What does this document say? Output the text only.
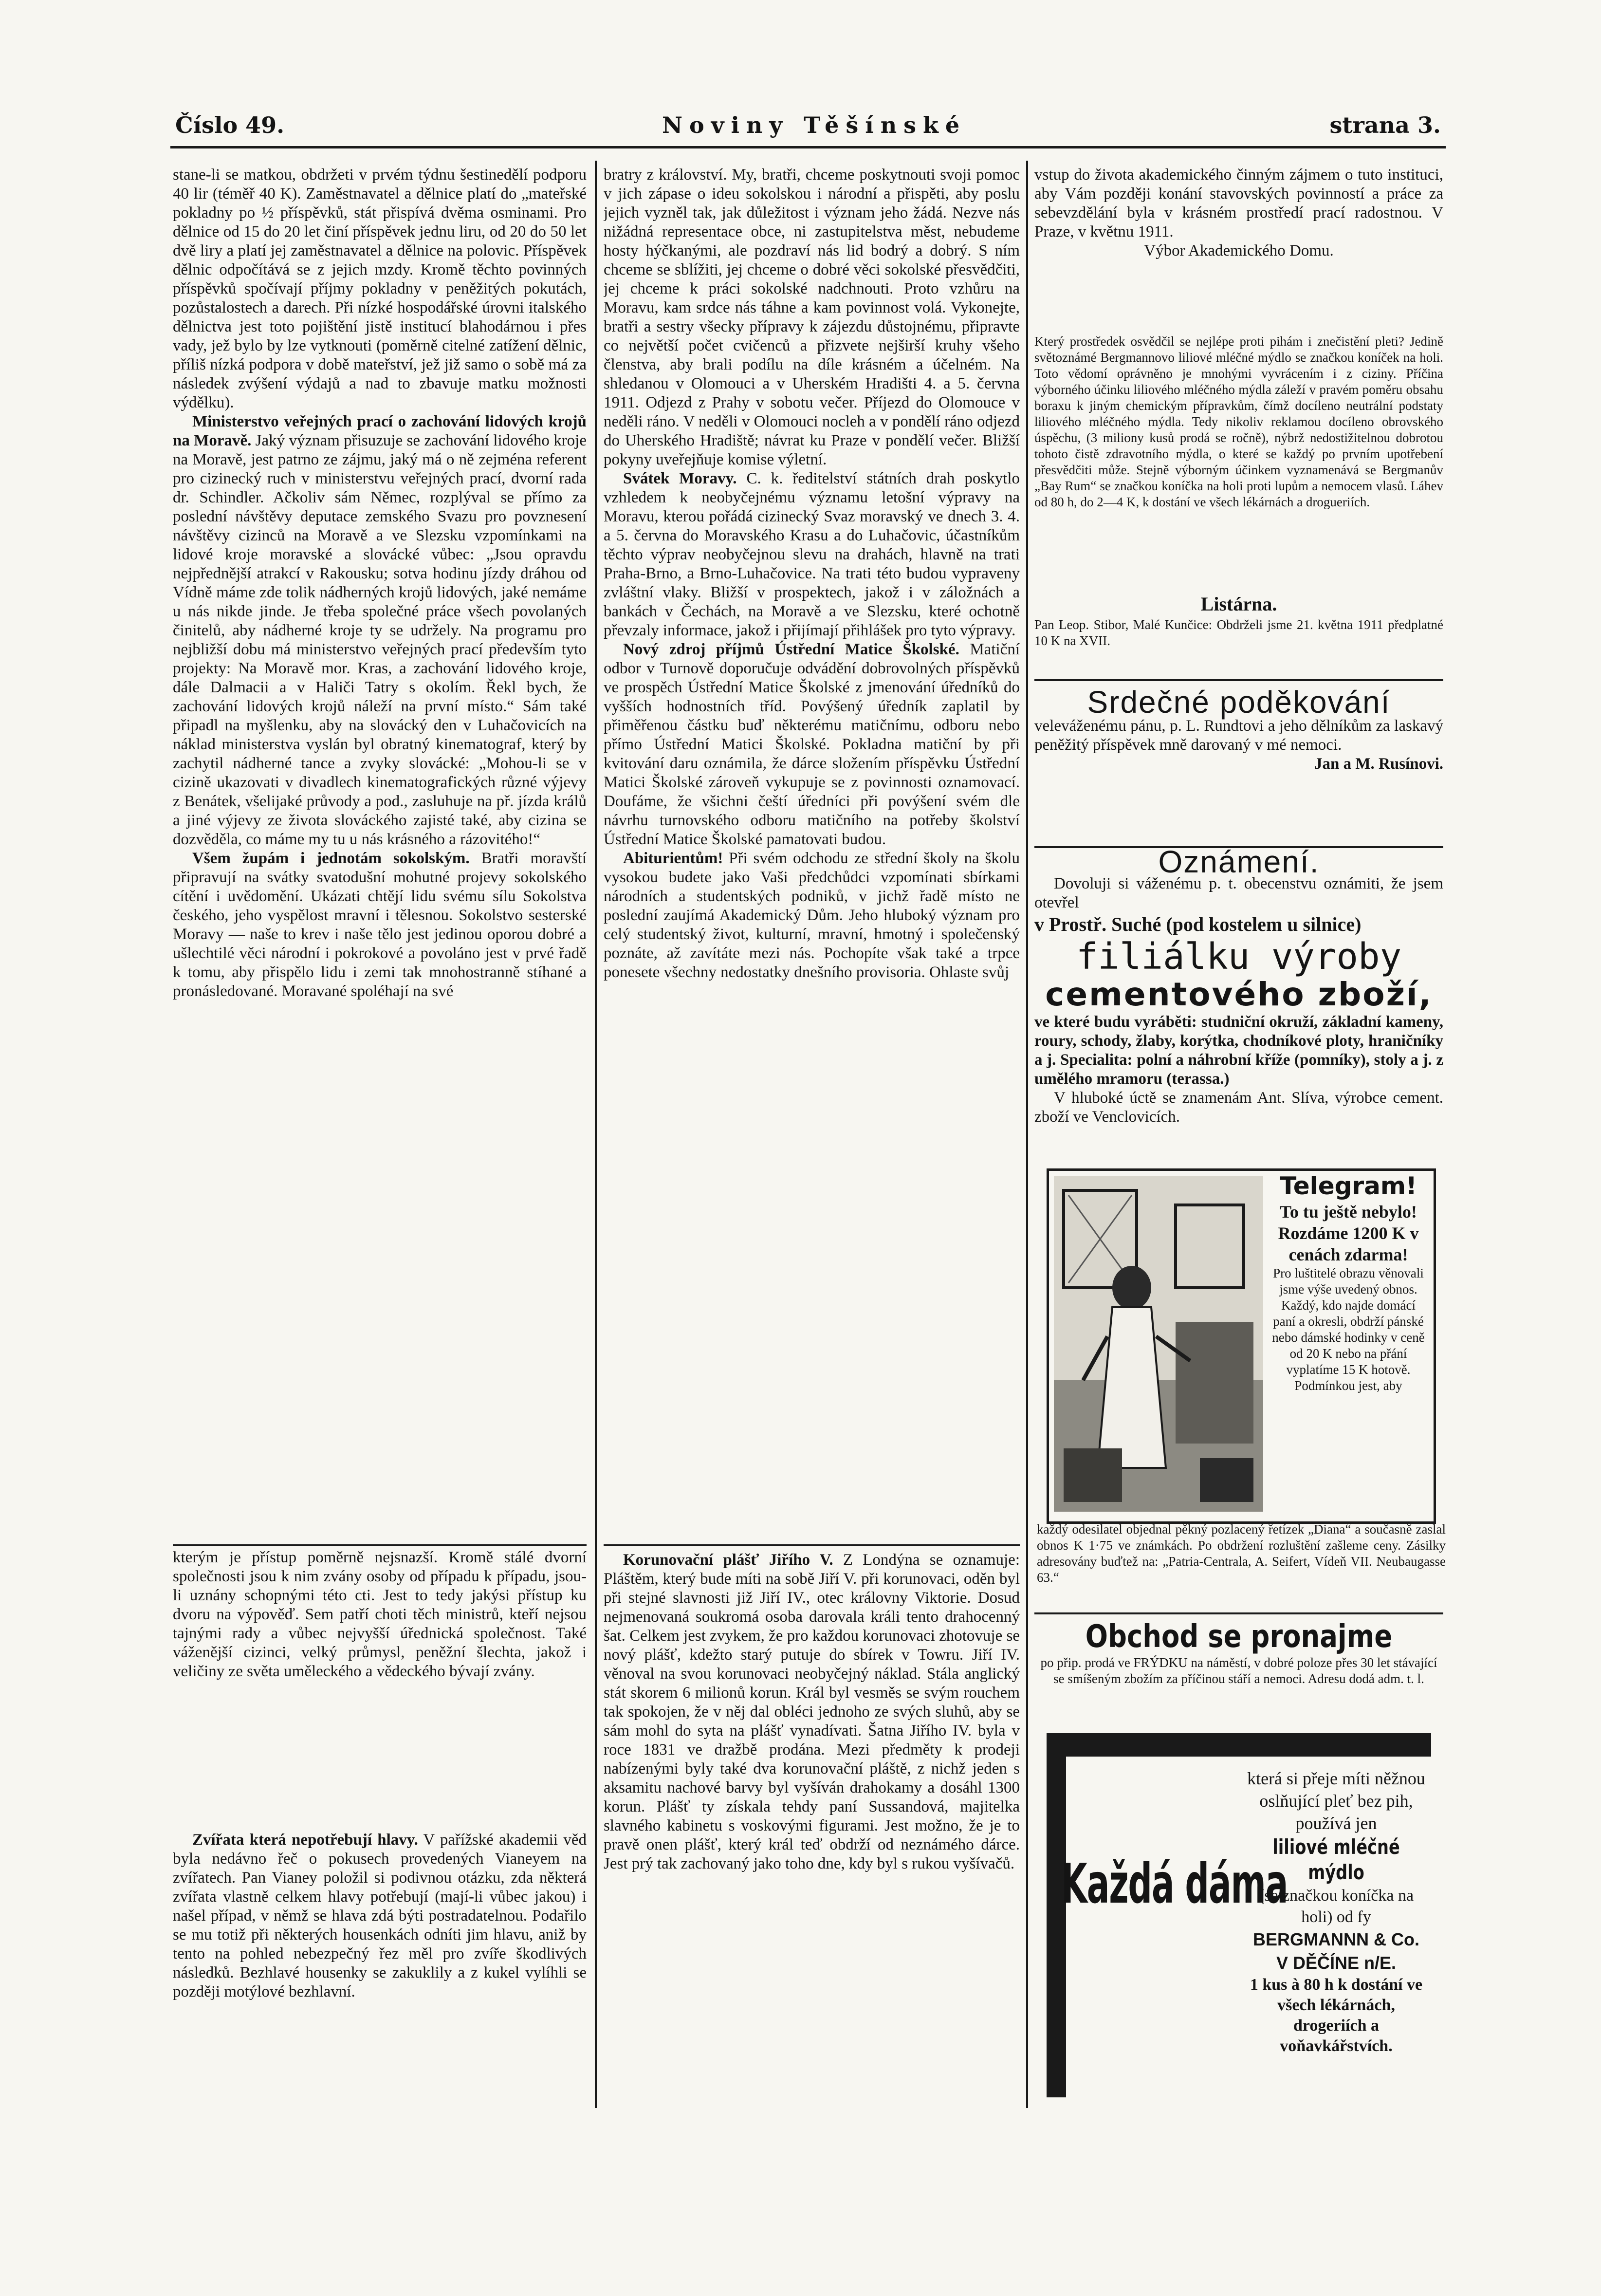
Číslo 49.	Noviny Těšínské	strana 3.

stane-li se matkou, obdržeti v prvém týdnu šestinedělí podporu 40 lir (téměř 40 K). Zaměstnavatel a dělnice platí do „mateřské pokladny po ½ příspěvků, stát přispívá dvěma osminami. Pro dělnice od 15 do 20 let činí příspěvek jednu liru, od 20 do 50 let dvě liry a platí jej zaměstnavatel a dělnice na polovic. Příspěvek dělnic odpočítává se z jejich mzdy. Kromě těchto povinných příspěvků spočívají příjmy pokladny v peněžitých pokutách, pozůstalostech a darech. Při nízké hospodářské úrovni italského dělnictva jest toto pojištění jistě institucí blahodárnou i přes vady, jež bylo by lze vytknouti (poměrně citelné zatížení dělnic, příliš nízká podpora v době mateřství, jež již samo o sobě má za následek zvýšení výdajů a nad to zbavuje matku možnosti výdělku).

Ministerstvo veřejných prací o zachování lidových krojů na Moravě. Jaký význam přisuzuje se zachování lidového kroje na Moravě, jest patrno ze zájmu, jaký má o ně zejména referent pro cizinecký ruch v ministerstvu veřejných prací, dvorní rada dr. Schindler. Ačkoliv sám Němec, rozplýval se přímo za poslední návštěvy deputace zemského Svazu pro povznesení návštěvy cizinců na Moravě a ve Slezsku vzpomínkami na lidové kroje moravské a slovácké vůbec: „Jsou opravdu nejpřednější atrakcí v Rakousku; sotva hodinu jízdy dráhou od Vídně máme zde tolik nádherných krojů lidových, jaké nemáme u nás nikde jinde. Je třeba společné práce všech povolaných činitelů, aby nádherné kroje ty se udržely. Na programu pro nejbližší dobu má ministerstvo veřejných prací především tyto projekty: Na Moravě mor. Kras, a zachování lidového kroje, dále Dalmacii a v Haliči Tatry s okolím. Řekl bych, že zachování lidových krojů náleží na první místo.“ Sám také připadl na myšlenku, aby na slovácký den v Luhačovicích na náklad ministerstva vyslán byl obratný kinematograf, který by zachytil nádherné tance a zvyky slovácké: „Mohou-li se v cizině ukazovati v divadlech kinematografických různé výjevy z Benátek, všelijaké průvody a pod., zasluhuje na př. jízda králů a jiné výjevy ze života slováckého zajisté také, aby cizina se dozvěděla, co máme my tu u nás krásného a rázovitého!“

Všem župám i jednotám sokolským. Bratři moravští připravují na svátky svatodušní mohutné projevy sokolského cítění i uvědomění. Ukázati chtějí lidu svému sílu Sokolstva českého, jeho vyspělost mravní i tělesnou. Sokolstvo sesterské Moravy — naše to krev i naše tělo jest jedinou oporou dobré a ušlechtilé věci národní i pokrokové a povoláno jest v prvé řadě k tomu, aby přispělo lidu i zemi tak mnohostranně stíhané a pronásledované. Moravané spoléhají na své

kterým je přístup poměrně nejsnazší. Kromě stálé dvorní společnosti jsou k nim zvány osoby od případu k případu, jsou-li uznány schopnými této cti. Jest to tedy jakýsi přístup ku dvoru na výpověď. Sem patří choti těch ministrů, kteří nejsou tajnými rady a vůbec nejvyšší úřednická společnost. Také váženější cizinci, velký průmysl, peněžní šlechta, jakož i veličiny ze světa uměleckého a vědeckého bývají zvány.

Zvířata která nepotřebují hlavy. V pařížské akademii věd byla nedávno řeč o pokusech provedených Vianeyem na zvířatech. Pan Vianey položil si podivnou otázku, zda některá zvířata vlastně celkem hlavy potřebují (mají-li vůbec jakou) i našel případ, v němž se hlava zdá býti postradatelnou. Podařilo se mu totiž při některých housenkách odníti jim hlavu, aniž by tento na pohled nebezpečný řez měl pro zvíře škodlivých následků. Bezhlavé housenky se zakuklily a z kukel vylíhli se později motýlové bezhlavní.

bratry z království. My, bratři, chceme poskytnouti svoji pomoc v jich zápase o ideu sokolskou i národní a přispěti, aby poslu jejich vyzněl tak, jak důležitost i význam jeho žádá. Nezve nás nižádná representace obce, ni zastupitelstva měst, nebudeme hosty hýčkanými, ale pozdraví nás lid bodrý a dobrý. S ním chceme se sblížiti, jej chceme o dobré věci sokolské přesvědčiti, jej chceme k práci sokolské nadchnouti. Proto vzhůru na Moravu, kam srdce nás táhne a kam povinnost volá. Vykonejte, bratři a sestry všecky přípravy k zájezdu důstojnému, připravte co největší počet cvičenců a přizvete nejširší kruhy všeho členstva, aby brali podílu na díle krásném a účelném. Na shledanou v Olomouci a v Uherském Hradišti 4. a 5. června 1911. Odjezd z Prahy v sobotu večer. Příjezd do Olomouce v neděli ráno. V neděli v Olomouci nocleh a v pondělí ráno odjezd do Uherského Hradiště; návrat ku Praze v pondělí večer. Bližší pokyny uveřejňuje komise výletní.

Svátek Moravy. C. k. ředitelství státních drah poskytlo vzhledem k neobyčejnému významu letošní výpravy na Moravu, kterou pořádá cizinecký Svaz moravský ve dnech 3. 4. a 5. června do Moravského Krasu a do Luhačovic, účastníkům těchto výprav neobyčejnou slevu na drahách, hlavně na trati Praha-Brno, a Brno-Luhačovice. Na trati této budou vypraveny zvláštní vlaky. Bližší v prospektech, jakož i v záložnách a bankách v Čechách, na Moravě a ve Slezsku, které ochotně převzaly informace, jakož i přijímají přihlášek pro tyto výpravy.

Nový zdroj příjmů Ústřední Matice Školské. Matiční odbor v Turnově doporučuje odvádění dobrovolných příspěvků ve prospěch Ústřední Matice Školské z jmenování úředníků do vyšších hodnostních tříd. Povýšený úředník zaplatil by přiměřenou částku buď některému matičnímu, odboru nebo přímo Ústřední Matici Školské. Pokladna matiční by při kvitování daru oznámila, že dárce složením příspěvku Ústřední Matici Školské zároveň vykupuje se z povinnosti oznamovací. Doufáme, že všichni čeští úředníci při povýšení svém dle návrhu turnovského odboru matičního na potřeby školství Ústřední Matice Školské pamatovati budou.

Abiturientům! Při svém odchodu ze střední školy na školu vysokou budete jako Vaši předchůdci vzpomínati sbírkami národních a studentských podniků, v jichž řadě místo ne poslední zaujímá Akademický Dům. Jeho hluboký význam pro celý studentský život, kulturní, mravní, hmotný i společenský poznáte, až zavítáte mezi nás. Pochopíte však také a trpce ponesete všechny nedostatky dnešního provisoria. Ohlaste svůj

Korunovační plášť Jiřího V. Z Londýna se oznamuje: Pláštěm, který bude míti na sobě Jiří V. při korunovaci, oděn byl při stejné slavnosti již Jiří IV., otec královny Viktorie. Dosud nejmenovaná soukromá osoba darovala králi tento drahocenný šat. Celkem jest zvykem, že pro každou korunovaci zhotovuje se nový plášť, kdežto starý putuje do sbírek v Towru. Jiří IV. věnoval na svou korunovaci neobyčejný náklad. Stála anglický stát skorem 6 milionů korun. Král byl vesměs se svým rouchem tak spokojen, že v něj dal obléci jednoho ze svých sluhů, aby se sám mohl do syta na plášť vynadívati. Šatna Jiřího IV. byla v roce 1831 ve dražbě prodána. Mezi předměty k prodeji nabízenými byly také dva korunovační pláště, z nichž jeden s aksamitu nachové barvy byl vyšíván drahokamy a dosáhl 1300 korun. Plášť ty získala tehdy paní Sussandová, majitelka slavného kabinetu s voskovými figurami. Jest možno, že je to pravě onen plášť, který král teď obdrží od neznámého dárce. Jest prý tak zachovaný jako toho dne, kdy byl s rukou vyšívačů.

vstup do života akademického činným zájmem o tuto instituci, aby Vám později konání stavovských povinností a práce za sebevzdělání byla v krásném prostředí prací radostnou. V Praze, v květnu 1911.

Výbor Akademického Domu.

Který prostředek osvědčil se nejlépe proti pihám i znečistění pleti? Jedině světoznámé Bergmannovo liliové mléčné mýdlo se značkou koníček na holi. Toto vědomí oprávněno je mnohými vyvrácením i z ciziny. Příčina výborného účinku liliového mléčného mýdla záleží v pravém poměru obsahu boraxu k jiným chemickým přípravkům, čímž docíleno neutrální podstaty liliového mléčného mýdla. Tedy nikoliv reklamou docíleno obrovského úspěchu, (3 miliony kusů prodá se ročně), nýbrž nedostižitelnou dobrotou tohoto čistě zdravotního mýdla, o které se každý po prvním upotřebení přesvědčiti může. Stejně výborným účinkem vyznamenává se Bergmanův „Bay Rum“ se značkou koníčka na holi proti lupům a nemocem vlasů. Láhev od 80 h, do 2—4 K, k dostání ve všech lékárnách a drogueriích.

Listárna.

Pan Leop. Stibor, Malé Kunčice: Obdrželi jsme 21. května 1911 předplatné 10 K na XVII.

Srdečné poděkování

veleváženému pánu, p. L. Rundtovi a jeho dělníkům za laskavý peněžitý příspěvek mně darovaný v mé nemoci.

Jan a M. Rusínovi.

Oznámení.

Dovoluji si váženému p. t. obecenstvu oznámiti, že jsem otevřel

v Prostř. Suché (pod kostelem u silnice)

filiálku výroby
cementového zboží,

ve které budu vyráběti: studniční okruží, základní kameny, roury, schody, žlaby, korýtka, chodníkové ploty, hraničníky a j. Specialita: polní a náhrobní kříže (pomníky), stoly a j. z umělého mramoru (terassa.)

V hluboké úctě se znamenám Ant. Slíva, výrobce cement. zboží ve Venclovicích.

Telegram!

To tu ještě nebylo! Rozdáme 1200 K v cenách zdarma!

Pro luštitelé obrazu věnovali jsme výše uvedený obnos. Každý, kdo najde domácí paní a okresli, obdrží pánské nebo dámské hodinky v ceně od 20 K nebo na přání vyplatíme 15 K hotově. Podmínkou jest, aby

každý odesilatel objednal pěkný pozlacený řetízek „Diana“ a současně zaslal obnos K 1·75 ve známkách. Po obdržení rozluštění zašleme ceny. Zásilky adresovány buďtež na: „Patria-Centrala, A. Seifert, Vídeň VII. Neubaugasse 63.“

Obchod se pronajme

po přip. prodá ve FRÝDKU na náměstí, v dobré poloze přes 30 let stávající se smíšeným zbožím za příčinou stáří a nemoci. Adresu dodá adm. t. l.

Každá dáma

která si přeje míti něžnou oslňující pleť bez pih, používá jen

liliové mléčné mýdlo

(se značkou koníčka na holi) od fy

BERGMANNN & Co.
V DĚČÍNE n/E.

1 kus à 80 h k dostání ve všech lékárnách, drogeriích a voňavkářstvích.
